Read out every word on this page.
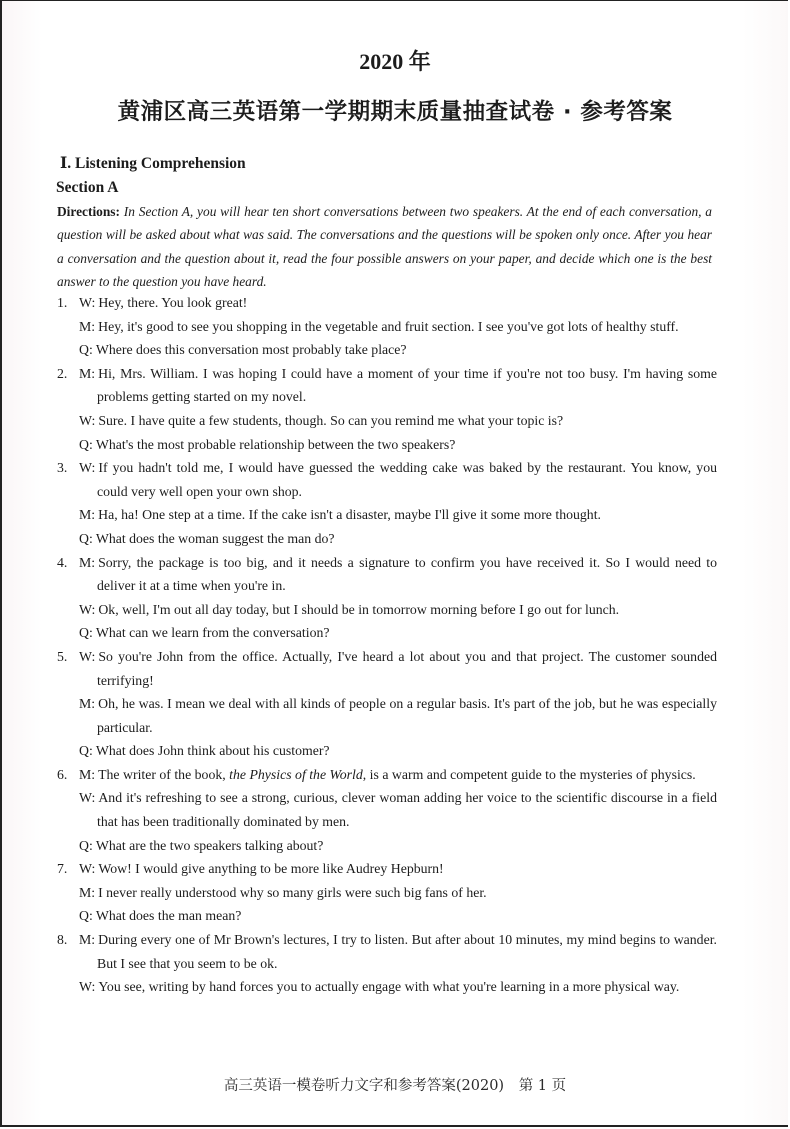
2020 年
黄浦区高三英语第一学期期末质量抽查试卷 · 参考答案
Ⅰ. Listening Comprehension
Section A
Directions: In Section A, you will hear ten short conversations between two speakers. At the end of each conversation, a question will be asked about what was said. The conversations and the questions will be spoken only once. After you hear a conversation and the question about it, read the four possible answers on your paper, and decide which one is the best answer to the question you have heard.
1. W: Hey, there. You look great!
M: Hey, it's good to see you shopping in the vegetable and fruit section. I see you've got lots of healthy stuff.
Q: Where does this conversation most probably take place?
2. M: Hi, Mrs. William. I was hoping I could have a moment of your time if you're not too busy. I'm having some problems getting started on my novel.
W: Sure. I have quite a few students, though. So can you remind me what your topic is?
Q: What's the most probable relationship between the two speakers?
3. W: If you hadn't told me, I would have guessed the wedding cake was baked by the restaurant. You know, you could very well open your own shop.
M: Ha, ha! One step at a time. If the cake isn't a disaster, maybe I'll give it some more thought.
Q: What does the woman suggest the man do?
4. M: Sorry, the package is too big, and it needs a signature to confirm you have received it. So I would need to deliver it at a time when you're in.
W: Ok, well, I'm out all day today, but I should be in tomorrow morning before I go out for lunch.
Q: What can we learn from the conversation?
5. W: So you're John from the office. Actually, I've heard a lot about you and that project. The customer sounded terrifying!
M: Oh, he was. I mean we deal with all kinds of people on a regular basis. It's part of the job, but he was especially particular.
Q: What does John think about his customer?
6. M: The writer of the book, the Physics of the World, is a warm and competent guide to the mysteries of physics.
W: And it's refreshing to see a strong, curious, clever woman adding her voice to the scientific discourse in a field that has been traditionally dominated by men.
Q: What are the two speakers talking about?
7. W: Wow! I would give anything to be more like Audrey Hepburn!
M: I never really understood why so many girls were such big fans of her.
Q: What does the man mean?
8. M: During every one of Mr Brown's lectures, I try to listen. But after about 10 minutes, my mind begins to wander. But I see that you seem to be ok.
W: You see, writing by hand forces you to actually engage with what you're learning in a more physical way.
高三英语一模卷听力文字和参考答案(2020) 第 1 页
